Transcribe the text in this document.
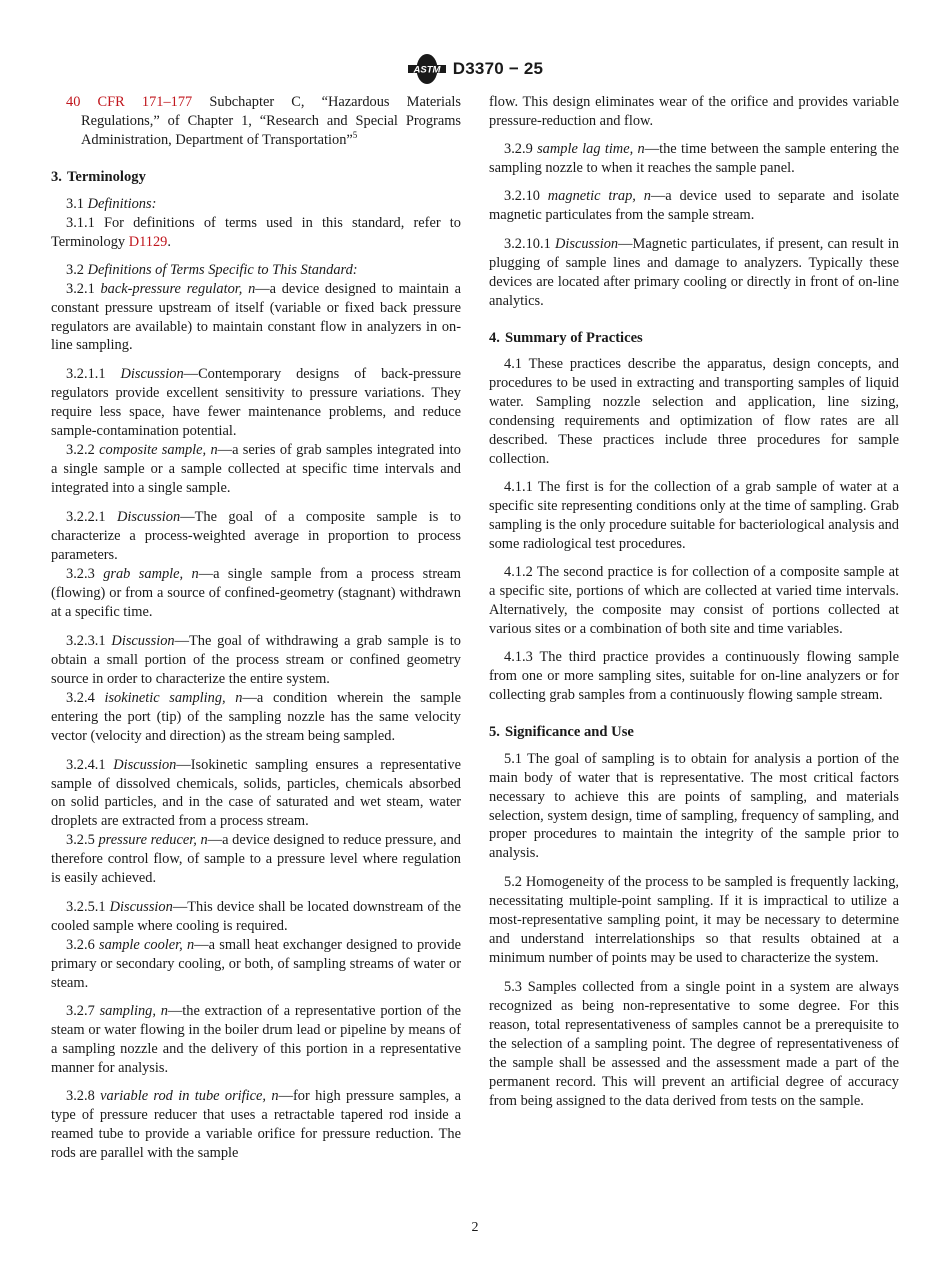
ASTM D3370 − 25

40 CFR 171–177 Subchapter C, “Hazardous Materials Regulations,” of Chapter 1, “Research and Special Programs Administration, Department of Transportation”$^5$

3. Terminology

3.1 Definitions:

3.1.1 For definitions of terms used in this standard, refer to Terminology D1129.

3.2 Definitions of Terms Specific to This Standard:

3.2.1 back-pressure regulator, n—a device designed to maintain a constant pressure upstream of itself (variable or fixed back pressure regulators are available) to maintain constant flow in analyzers in on-line sampling.

3.2.1.1 Discussion—Contemporary designs of back-pressure regulators provide excellent sensitivity to pressure variations. They require less space, have fewer maintenance problems, and reduce sample-contamination potential.

3.2.2 composite sample, n—a series of grab samples integrated into a single sample or a sample collected at specific time intervals and integrated into a single sample.

3.2.2.1 Discussion—The goal of a composite sample is to characterize a process-weighted average in proportion to process parameters.

3.2.3 grab sample, n—a single sample from a process stream (flowing) or from a source of confined-geometry (stagnant) withdrawn at a specific time.

3.2.3.1 Discussion—The goal of withdrawing a grab sample is to obtain a small portion of the process stream or confined geometry source in order to characterize the entire system.

3.2.4 isokinetic sampling, n—a condition wherein the sample entering the port (tip) of the sampling nozzle has the same velocity vector (velocity and direction) as the stream being sampled.

3.2.4.1 Discussion—Isokinetic sampling ensures a representative sample of dissolved chemicals, solids, particles, chemicals absorbed on solid particles, and in the case of saturated and wet steam, water droplets are extracted from a process stream.

3.2.5 pressure reducer, n—a device designed to reduce pressure, and therefore control flow, of sample to a pressure level where regulation is easily achieved.

3.2.5.1 Discussion—This device shall be located downstream of the cooled sample where cooling is required.

3.2.6 sample cooler, n—a small heat exchanger designed to provide primary or secondary cooling, or both, of sampling streams of water or steam.

3.2.7 sampling, n—the extraction of a representative portion of the steam or water flowing in the boiler drum lead or pipeline by means of a sampling nozzle and the delivery of this portion in a representative manner for analysis.

3.2.8 variable rod in tube orifice, n—for high pressure samples, a type of pressure reducer that uses a retractable tapered rod inside a reamed tube to provide a variable orifice for pressure reduction. The rods are parallel with the sample

flow. This design eliminates wear of the orifice and provides variable pressure-reduction and flow.

3.2.9 sample lag time, n—the time between the sample entering the sampling nozzle to when it reaches the sample panel.

3.2.10 magnetic trap, n—a device used to separate and isolate magnetic particulates from the sample stream.

3.2.10.1 Discussion—Magnetic particulates, if present, can result in plugging of sample lines and damage to analyzers. Typically these devices are located after primary cooling or directly in front of on-line analytics.

4. Summary of Practices

4.1 These practices describe the apparatus, design concepts, and procedures to be used in extracting and transporting samples of liquid water. Sampling nozzle selection and application, line sizing, condensing requirements and optimization of flow rates are all described. These practices include three procedures for sample collection.

4.1.1 The first is for the collection of a grab sample of water at a specific site representing conditions only at the time of sampling. Grab sampling is the only procedure suitable for bacteriological analysis and some radiological test procedures.

4.1.2 The second practice is for collection of a composite sample at a specific site, portions of which are collected at varied time intervals. Alternatively, the composite may consist of portions collected at various sites or a combination of both site and time variables.

4.1.3 The third practice provides a continuously flowing sample from one or more sampling sites, suitable for on-line analyzers or for collecting grab samples from a continuously flowing sample stream.

5. Significance and Use

5.1 The goal of sampling is to obtain for analysis a portion of the main body of water that is representative. The most critical factors necessary to achieve this are points of sampling, and materials selection, system design, time of sampling, frequency of sampling, and proper procedures to maintain the integrity of the sample prior to analysis.

5.2 Homogeneity of the process to be sampled is frequently lacking, necessitating multiple-point sampling. If it is impractical to utilize a most-representative sampling point, it may be necessary to determine and understand interrelationships so that results obtained at a minimum number of points may be used to characterize the system.

5.3 Samples collected from a single point in a system are always recognized as being non-representative to some degree. For this reason, total representativeness of samples cannot be a prerequisite to the selection of a sampling point. The degree of representativeness of the sample shall be assessed and the assessment made a part of the permanent record. This will prevent an artificial degree of accuracy from being assigned to the data derived from tests on the sample.

2
